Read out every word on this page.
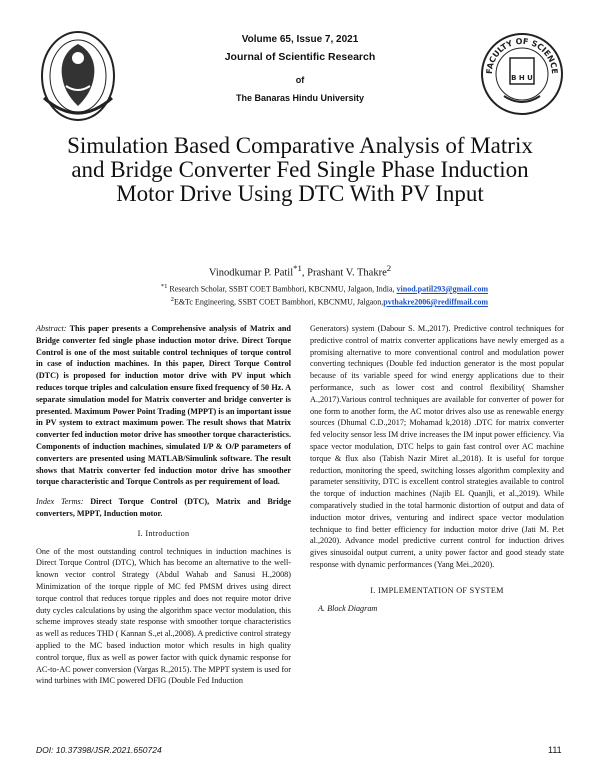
Volume 65, Issue 7, 2021
Journal of Scientific Research
of
The Banaras Hindu University
FACULTY OF SCIENCE
B H U
Simulation Based Comparative Analysis of Matrix and Bridge Converter Fed Single Phase Induction Motor Drive Using DTC With PV Input
Vinodkumar P. Patil$^{*1}$, Prashant V. Thakre$^2$
$^{*1}$ Research Scholar, SSBT COET Bambhori, KBCNMU, Jalgaon, India, vinod.patil293@gmail.com
$^2$E&Tc Engineering, SSBT COET Bambhori, KBCNMU, Jalgaon,pvthakre2006@rediffmail.com

Abstract: This paper presents a Comprehensive analysis of Matrix and Bridge converter fed single phase induction motor drive. Direct Torque Control is one of the most suitable control techniques of torque control in case of induction machines. In this paper, Direct Torque Control (DTC) is proposed for induction motor drive with PV input which reduces torque triples and calculation ensure fixed frequency of 50 Hz. A separate simulation model for Matrix converter and bridge converter is presented. Maximum Power Point Trading (MPPT) is an important issue in PV system to extract maximum power. The result shows that Matrix converter fed induction motor drive has smoother torque characteristics. Components of induction machines, simulated I/P & O/P parameters of converters are presented using MATLAB/Simulink software. The result shows that Matrix converter fed induction motor drive has smoother torque characteristic and Torque Controls as per requirement of load.

Index Terms: Direct Torque Control (DTC), Matrix and Bridge converters, MPPT, Induction motor.

I. Introduction

One of the most outstanding control techniques in induction machines is Direct Torque Control (DTC), Which has become an alternative to the well-known vector control Strategy (Abdul Wahab and Sanusi H.,2008) Minimization of the torque ripple of MC fed PMSM drives using direct torque control that reduces torque ripples and does not require motor drive duty cycles calculations by using the algorithm space vector modulation, this scheme improves steady state response with smoother torque characteristics as well as reduces THD ( Kannan S.,et al.,2008). A predictive control strategy applied to the MC based induction motor which results in high quality control torque, flux as well as power factor with quick dynamic response for AC-to-AC power conversion (Vargas R.,2015). The MPPT system is used for wind turbines with IMC powered DFIG (Double Fed Induction

Generators) system (Dabour S. M.,2017). Predictive control techniques for predictive control of matrix converter applications have newly emerged as a promising alternative to more conventional control and modulation power converting techniques (Double fed induction generator is the most popular because of its variable speed for wind energy applications due to their performance, such as lower cost and control flexibility( Shamsher A.,2017).Various control techniques are available for converter of power for one form to another form, the AC motor drives also use as renewable energy sources (Dhumal C.D.,2017; Mohamad k,2018) .DTC for matrix converter fed velocity sensor less IM drive increases the IM input power efficiency. Via space vector modulation, DTC helps to gain fast control over AC machine torque & flux also (Tabish Nazir Miret al.,2018). It is useful for torque reduction, monitoring the speed, switching losses algorithm complexity and parameter sensitivity, DTC is excellent control strategies available to control the torque of induction machines (Najib EL Quanjli, et al.,2019). While comparatively studied in the total harmonic distortion of output and data of induction motor drives, venturing and indirect space vector modulation technique to find better efficiency for induction motor drive (Jati M. P.et al.,2020). Advance model predictive current control for induction drives gives sinusoidal output current, a unity power factor and good steady state response with dynamic performances (Yang Mei.,2020).

I. IMPLEMENTATION OF SYSTEM
A. Block Diagram
DOI: 10.37398/JSR.2021.650724	111
